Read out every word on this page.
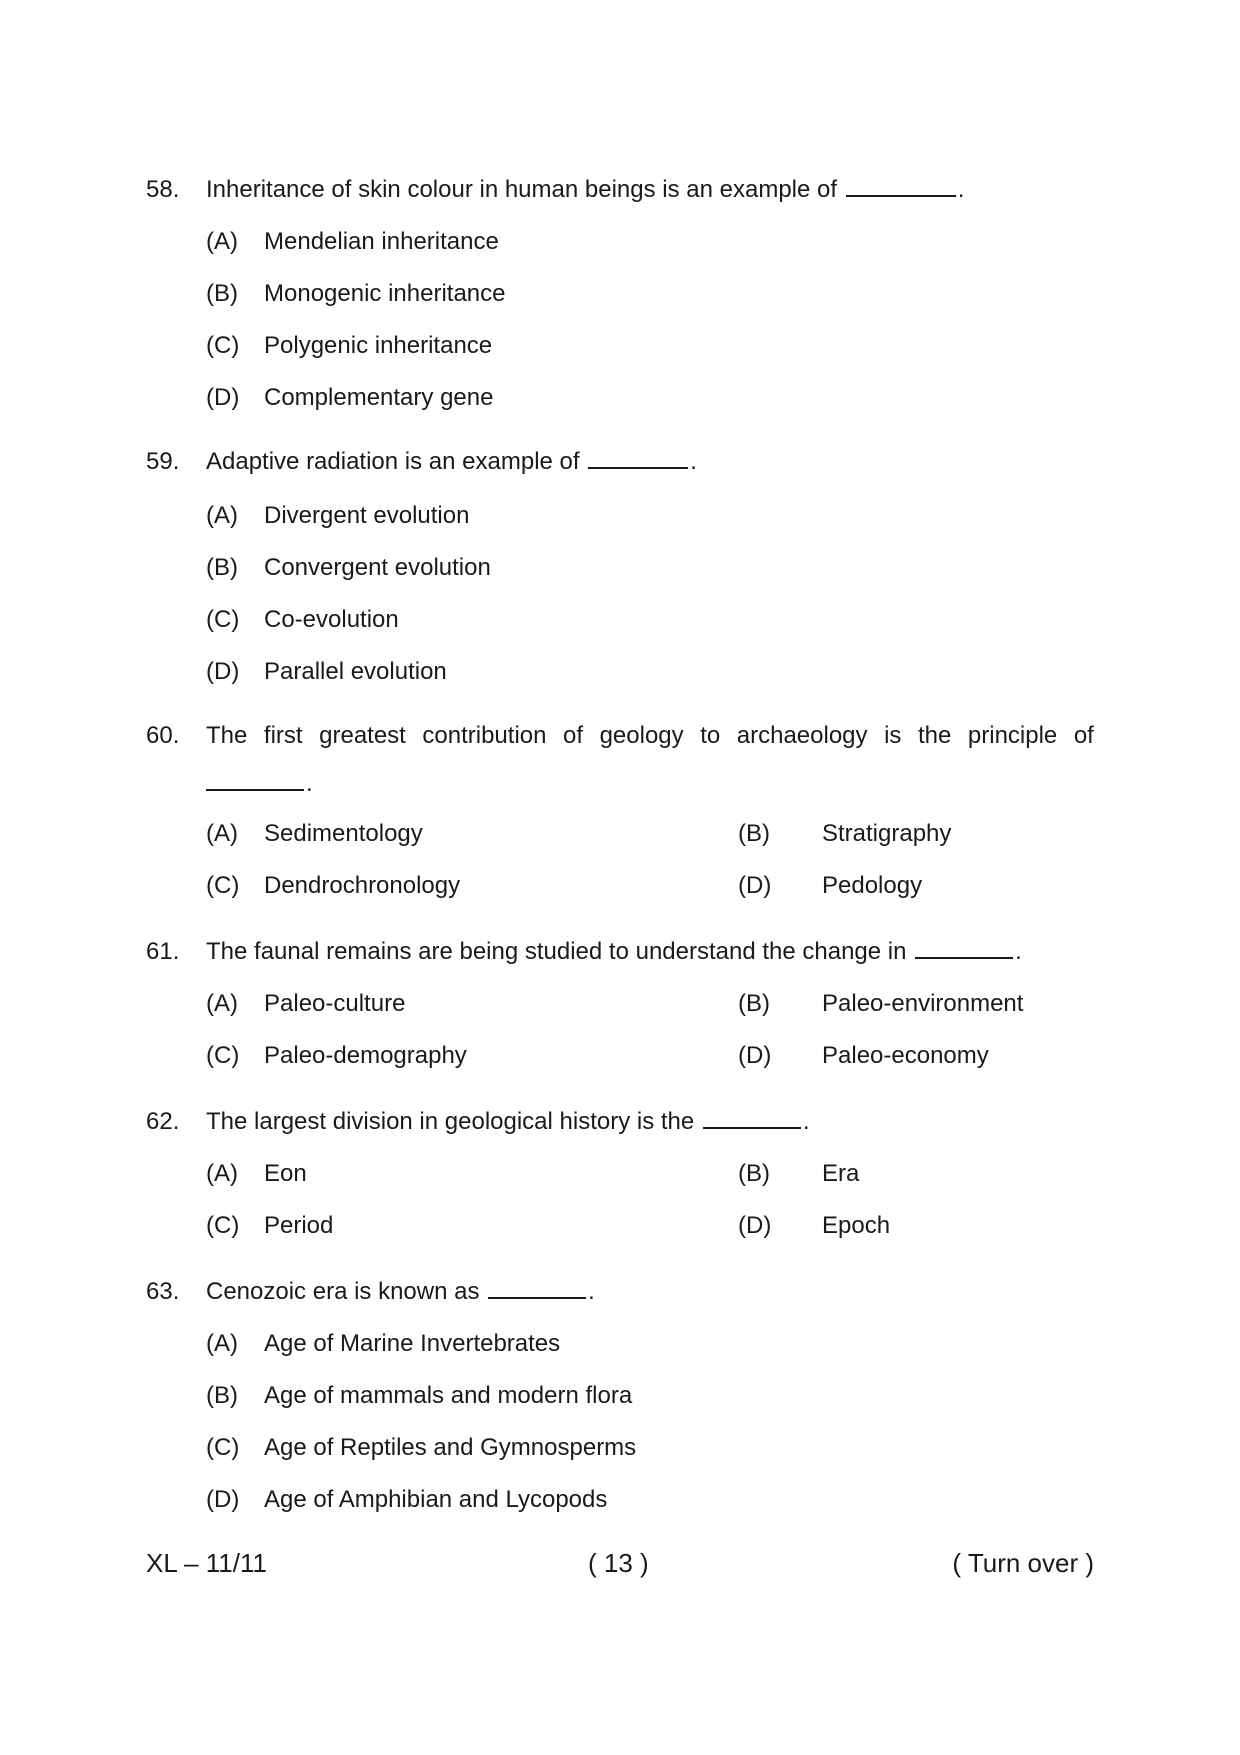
58. Inheritance of skin colour in human beings is an example of	.
(A) Mendelian inheritance
(B) Monogenic inheritance
(C) Polygenic inheritance
(D) Complementary gene
59. Adaptive radiation is an example of	.
(A) Divergent evolution
(B) Convergent evolution
(C) Co-evolution
(D) Parallel evolution
60. The first greatest contribution of geology to archaeology is the principle of
.
(A) Sedimentology	(B) Stratigraphy
(C) Dendrochronology	(D) Pedology
61. The faunal remains are being studied to understand the change in	.
(A) Paleo-culture	(B) Paleo-environment
(C) Paleo-demography	(D) Paleo-economy
62. The largest division in geological history is the	.
(A) Eon	(B) Era
(C) Period	(D) Epoch
63. Cenozoic era is known as	.
(A) Age of Marine Invertebrates
(B) Age of mammals and modern flora
(C) Age of Reptiles and Gymnosperms
(D) Age of Amphibian and Lycopods
XL – 11/11	( 13 )	( Turn over )
